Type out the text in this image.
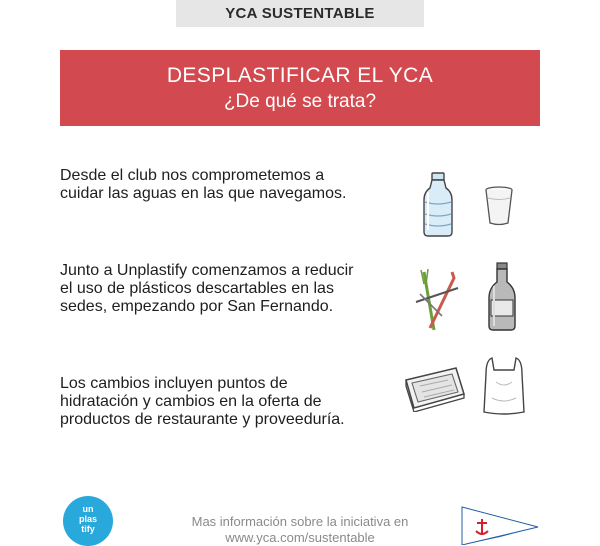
YCA SUSTENTABLE
DESPLASTIFICAR EL YCA
¿De qué se trata?
Desde el club nos comprometemos a cuidar las aguas en las que navegamos.
Junto a Unplastify comenzamos a reducir el uso de plásticos descartables en las sedes, empezando por San Fernando.
Los cambios incluyen puntos de hidratación y cambios en la oferta de productos de restaurante y proveeduría.
un
plas
tify	Mas información sobre la iniciativa en www.yca.com/sustentable
